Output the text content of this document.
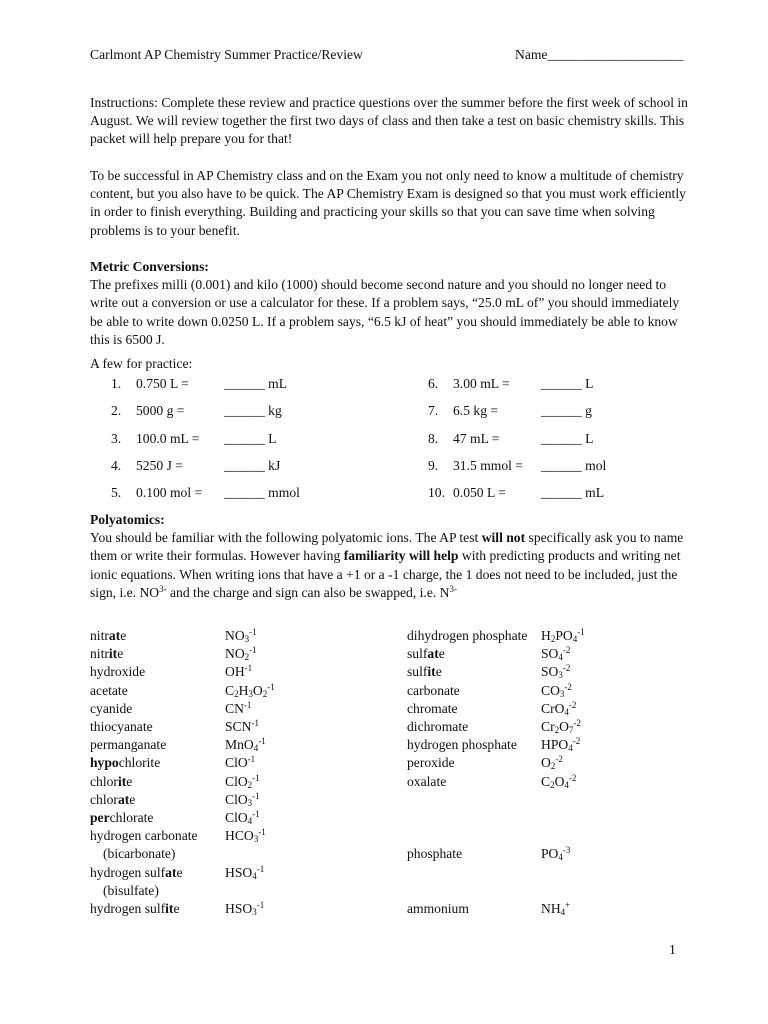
Carlmont AP Chemistry Summer Practice/Review	Name____________________

Instructions: Complete these review and practice questions over the summer before the first week of school in August. We will review together the first two days of class and then take a test on basic chemistry skills. This packet will help prepare you for that!

To be successful in AP Chemistry class and on the Exam you not only need to know a multitude of chemistry content, but you also have to be quick. The AP Chemistry Exam is designed so that you must work efficiently in order to finish everything. Building and practicing your skills so that you can save time when solving problems is to your benefit.

Metric Conversions:

The prefixes milli (0.001) and kilo (1000) should become second nature and you should no longer need to write out a conversion or use a calculator for these. If a problem says, “25.0 mL of” you should immediately be able to write down 0.0250 L. If a problem says, “6.5 kJ of heat” you should immediately be able to know this is 6500 J.

A few for practice:
1. 0.750 L =	______ mL
2. 5000 g =	______ kg
3. 100.0 mL = ______ L
4. 5250 J =	______ kJ
5. 0.100 mol = ______ mmol
6. 3.00 mL = ______ L
7. 6.5 kg =	______ g
8. 47 mL =	______ L
9. 31.5 mmol = ______ mol
10. 0.050 L =	______ mL

Polyatomics:

You should be familiar with the following polyatomic ions. The AP test will not specifically ask you to name them or write their formulas. However having familiarity will help with predicting products and writing net ionic equations. When writing ions that have a +1 or a -1 charge, the 1 does not need to be included, just the sign, i.e. $NO^{3-}$ and the charge and sign can also be swapped, i.e. $N^{3-}$

nitrate	$NO_3^{-1}$
nitrite	$NO_2^{-1}$
hydroxide	$OH^{-1}$
acetate	$C_2H_3O_2^{-1}$
cyanide	$CN^{-1}$
thiocyanate	$SCN^{-1}$
permanganate	MnO$_4^{-1}$
hypochlorite	ClO$^{-1}$
chlorite	ClO$_2^{-1}$
chlorate	ClO$_3^{-1}$
perchlorate	ClO$_4^{-1}$
hydrogen carbonate $HCO_3^{-1}$
(bicarbonate)
hydrogen sulfate	$HSO_4^{-1}$
(bisulfate)
hydrogen sulfite	$HSO_3^{-1}$
dihydrogen phosphate $H_2PO_4^{-1}$
sulfate	$SO_4^{-2}$
sulfite	$SO_3^{-2}$
carbonate	$CO_3^{-2}$
chromate	CrO$_4^{-2}$
dichromate	$Cr_2O_7^{-2}$
hydrogen phosphate $HPO_4^{-2}$
peroxide	$O_2^{-2}$
oxalate	$C_2O_4^{-2}$
phosphate	$PO_4^{-3}$
ammonium	$NH_4^+$
1
